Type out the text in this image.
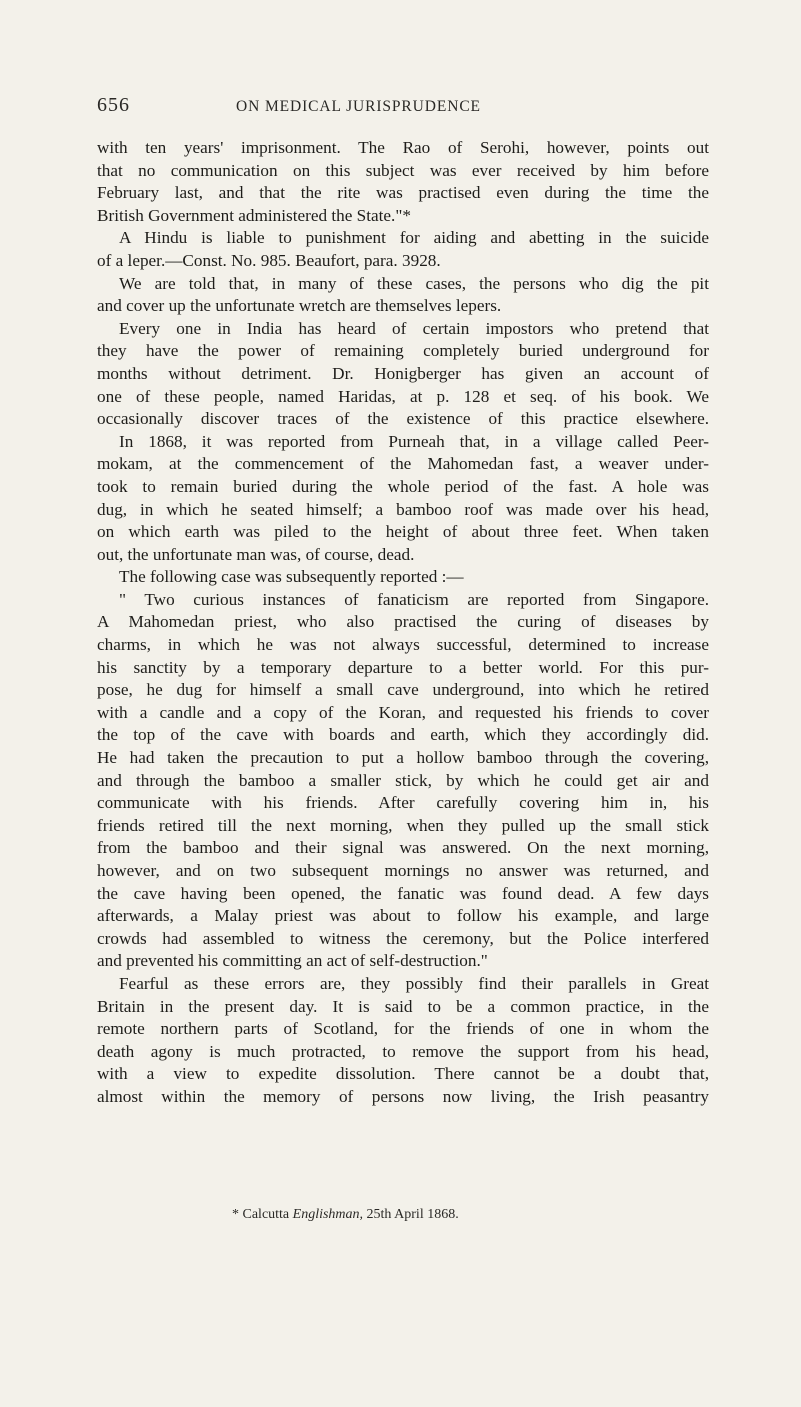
656	ON MEDICAL JURISPRUDENCE
with ten years' imprisonment. The Rao of Serohi, however, points out
that no communication on this subject was ever received by him before
February last, and that the rite was practised even during the time the
British Government administered the State."*
A Hindu is liable to punishment for aiding and abetting in the suicide
of a leper.—Const. No. 985. Beaufort, para. 3928.
We are told that, in many of these cases, the persons who dig the pit
and cover up the unfortunate wretch are themselves lepers.
Every one in India has heard of certain impostors who pretend that
they have the power of remaining completely buried underground for
months without detriment. Dr. Honigberger has given an account of
one of these people, named Haridas, at p. 128 et seq. of his book. We
occasionally discover traces of the existence of this practice elsewhere.
In 1868, it was reported from Purneah that, in a village called Peer-
mokam, at the commencement of the Mahomedan fast, a weaver under-
took to remain buried during the whole period of the fast. A hole was
dug, in which he seated himself; a bamboo roof was made over his head,
on which earth was piled to the height of about three feet. When taken
out, the unfortunate man was, of course, dead.
The following case was subsequently reported :—
" Two curious instances of fanaticism are reported from Singapore.
A Mahomedan priest, who also practised the curing of diseases by
charms, in which he was not always successful, determined to increase
his sanctity by a temporary departure to a better world. For this pur-
pose, he dug for himself a small cave underground, into which he retired
with a candle and a copy of the Koran, and requested his friends to cover
the top of the cave with boards and earth, which they accordingly did.
He had taken the precaution to put a hollow bamboo through the covering,
and through the bamboo a smaller stick, by which he could get air and
communicate with his friends. After carefully covering him in, his
friends retired till the next morning, when they pulled up the small stick
from the bamboo and their signal was answered. On the next morning,
however, and on two subsequent mornings no answer was returned, and
the cave having been opened, the fanatic was found dead. A few days
afterwards, a Malay priest was about to follow his example, and large
crowds had assembled to witness the ceremony, but the Police interfered
and prevented his committing an act of self-destruction."
Fearful as these errors are, they possibly find their parallels in Great
Britain in the present day. It is said to be a common practice, in the
remote northern parts of Scotland, for the friends of one in whom the
death agony is much protracted, to remove the support from his head,
with a view to expedite dissolution. There cannot be a doubt that,
almost within the memory of persons now living, the Irish peasantry
* Calcutta Englishman, 25th April 1868.
